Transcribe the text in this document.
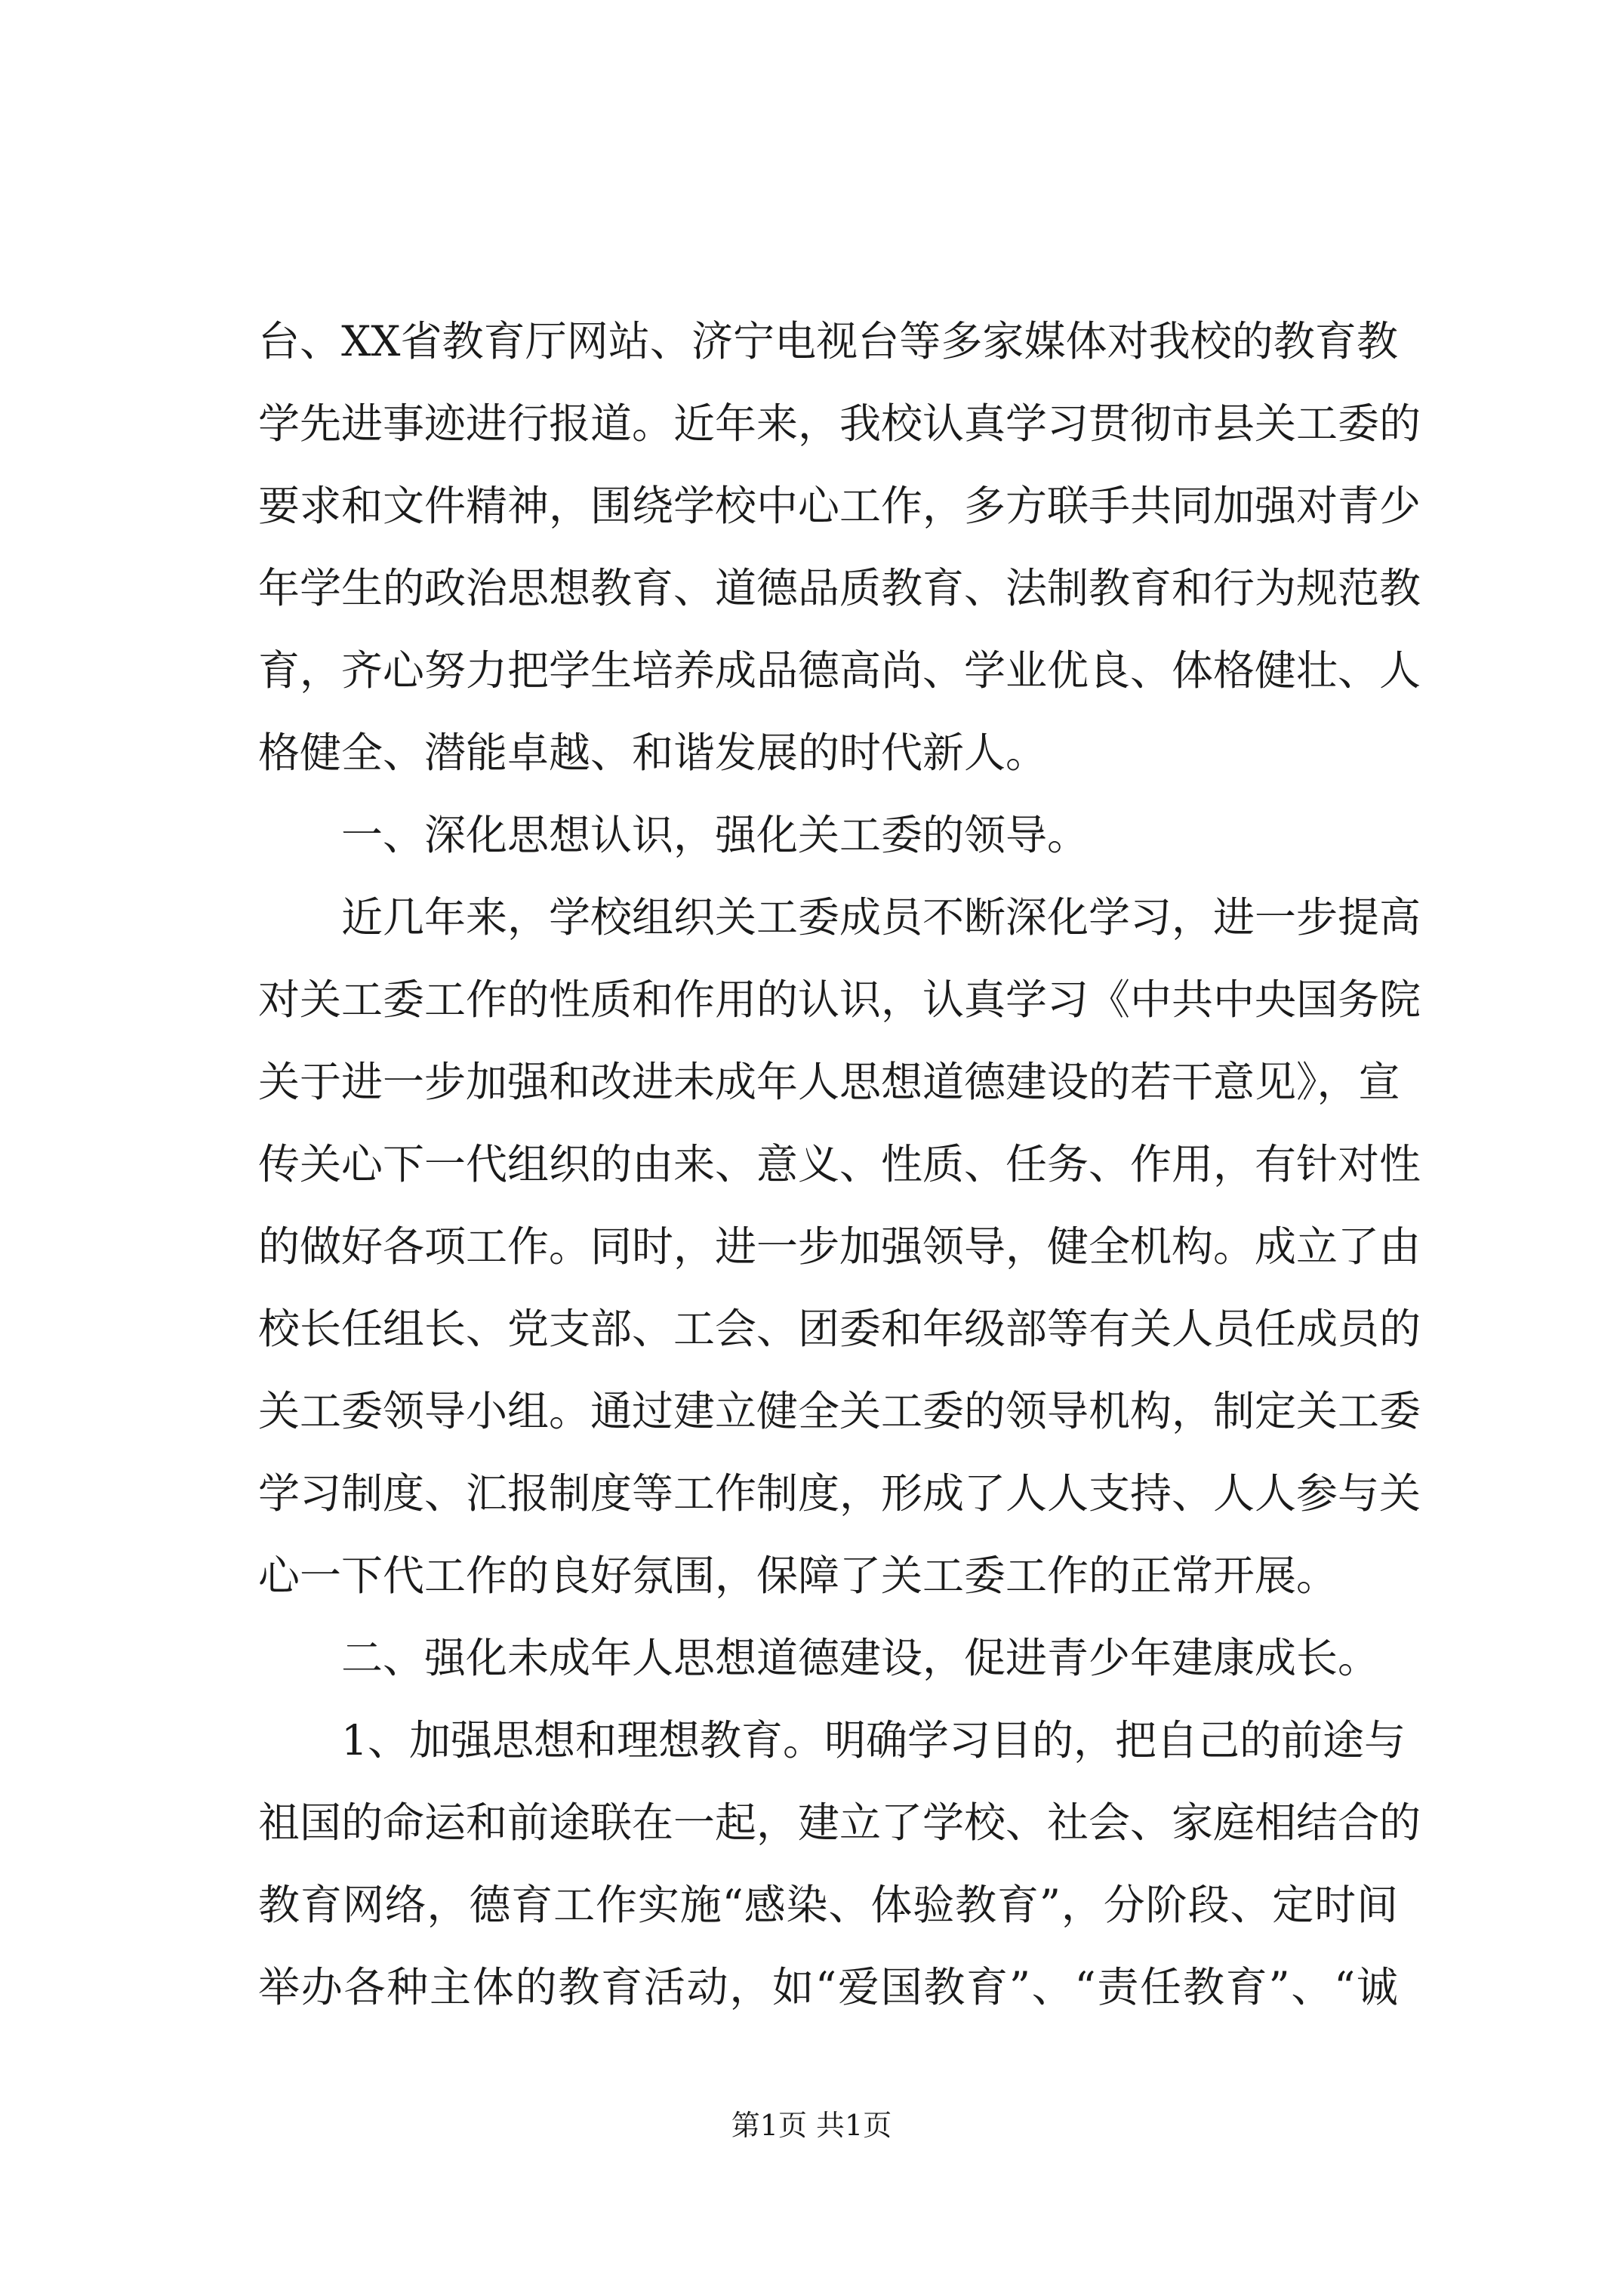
台、XX省教育厅网站、济宁电视台等多家媒体对我校的教育教
学先进事迹进行报道。近年来，我校认真学习贯彻市县关工委的
要求和文件精神，围绕学校中心工作，多方联手共同加强对青少
年学生的政治思想教育、道德品质教育、法制教育和行为规范教
育，齐心努力把学生培养成品德高尚、学业优良、体格健壮、人
格健全、潜能卓越、和谐发展的时代新人。
一、深化思想认识，强化关工委的领导。
近几年来，学校组织关工委成员不断深化学习，进一步提高
对关工委工作的性质和作用的认识，认真学习《中共中央国务院
关于进一步加强和改进未成年人思想道德建设的若干意见》，宣
传关心下一代组织的由来、意义、性质、任务、作用，有针对性
的做好各项工作。同时，进一步加强领导，健全机构。成立了由
校长任组长、党支部、工会、团委和年级部等有关人员任成员的
关工委领导小组。通过建立健全关工委的领导机构，制定关工委
学习制度、汇报制度等工作制度，形成了人人支持、人人参与关
心一下代工作的良好氛围，保障了关工委工作的正常开展。
二、强化未成年人思想道德建设，促进青少年建康成长。
1、加强思想和理想教育。明确学习目的，把自己的前途与
祖国的命运和前途联在一起，建立了学校、社会、家庭相结合的
教育网络，德育工作实施“感染、体验教育”，分阶段、定时间
举办各种主体的教育活动，如“爱国教育”、“责任教育”、“诚
第1页 共1页
